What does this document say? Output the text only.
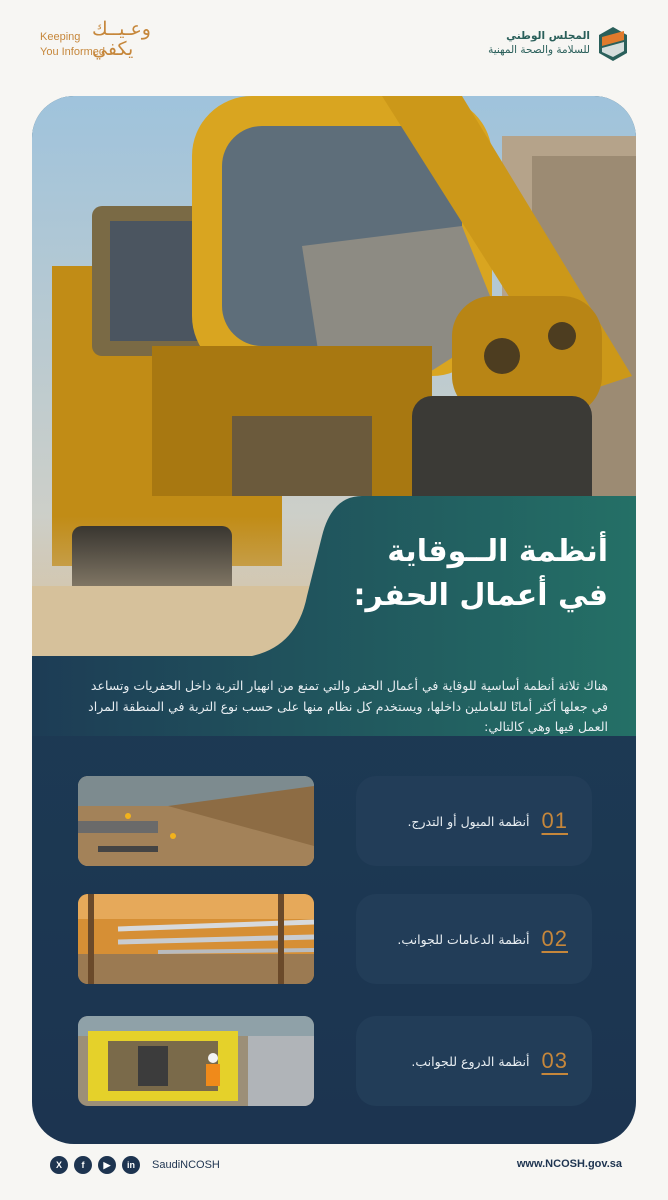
Keeping
You Informed
وعـيــك
يكفي
المجلس الوطني
للسلامة والصحة المهنية
أنظمة الــوقاية
في أعمال الحفر:
هناك ثلاثة أنظمة أساسية للوقاية في أعمال الحفر والتي تمنع من انهيار التربة داخل الحفريات وتساعد في جعلها أكثر أمانًا للعاملين داخلها، ويستخدم كل نظام منها على حسب نوع التربة في المنطقة المراد العمل فيها وهي كالتالي:
أنظمة الميول أو التدرج. 01
أنظمة الدعامات للجوانب. 02
أنظمة الدروع للجوانب. 03
X	f	▶	in	SaudiNCOSH	www.NCOSH.gov.sa
